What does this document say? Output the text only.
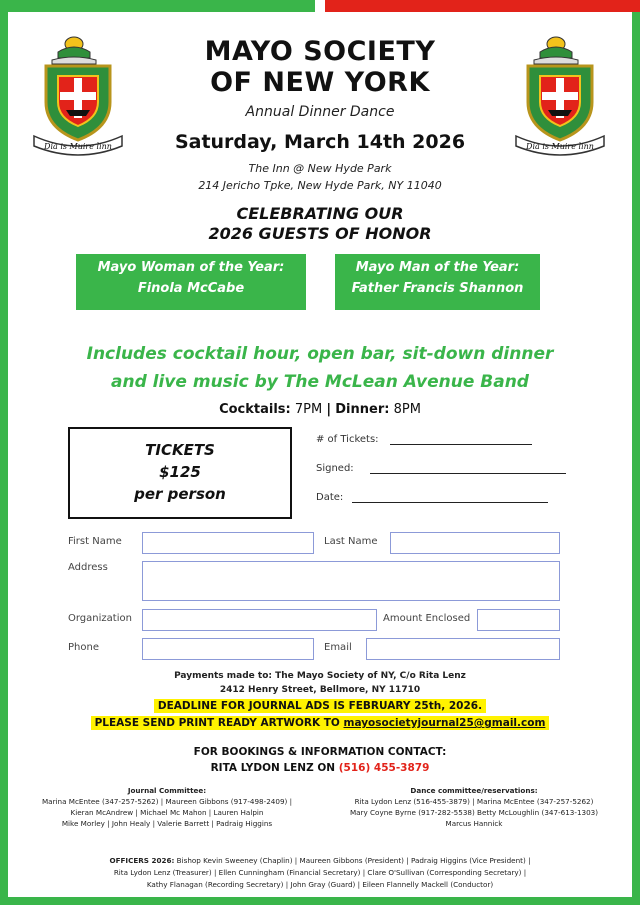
Dia is Muire linn	Dia is Muire linn
MAYO SOCIETY
OF NEW YORK
Annual Dinner Dance
Saturday, March 14th 2026
The Inn @ New Hyde Park
214 Jericho Tpke, New Hyde Park, NY 11040
CELEBRATING OUR
2026 GUESTS OF HONOR
Mayo Woman of the Year:
Finola McCabe
Mayo Man of the Year:
Father Francis Shannon
Includes cocktail hour, open bar, sit-down dinner
and live music by The McLean Avenue Band
Cocktails: 7PM | Dinner: 8PM
TICKETS
$125
per person
# of Tickets:
Signed:
Date:
First Name	Last Name
Address
Organization	Amount Enclosed
Phone	Email
Payments made to: The Mayo Society of NY, C/o Rita Lenz
2412 Henry Street, Bellmore, NY 11710
DEADLINE FOR JOURNAL ADS IS FEBRUARY 25th, 2026.
PLEASE SEND PRINT READY ARTWORK TO mayosocietyjournal25@gmail.com
FOR BOOKINGS & INFORMATION CONTACT:
RITA LYDON LENZ ON (516) 455-3879
Journal Committee:
Marina McEntee (347-257-5262) | Maureen Gibbons (917-498-2409) |
Kieran McAndrew | Michael Mc Mahon | Lauren Halpin
Mike Morley | John Healy | Valerie Barrett | Padraig Higgins
Dance committee/reservations:
Rita Lydon Lenz (516-455-3879) | Marina McEntee (347-257-5262)
Mary Coyne Byrne (917-282-5538) Betty McLoughlin (347-613-1303)
Marcus Hannick
OFFICERS 2026: Bishop Kevin Sweeney (Chaplin) | Maureen Gibbons (President) | Padraig Higgins (Vice President) |
Rita Lydon Lenz (Treasurer) | Ellen Cunningham (Financial Secretary) | Clare O'Sullivan (Corresponding Secretary) |
Kathy Flanagan (Recording Secretary) | John Gray (Guard) | Eileen Flannelly Mackell (Conductor)
